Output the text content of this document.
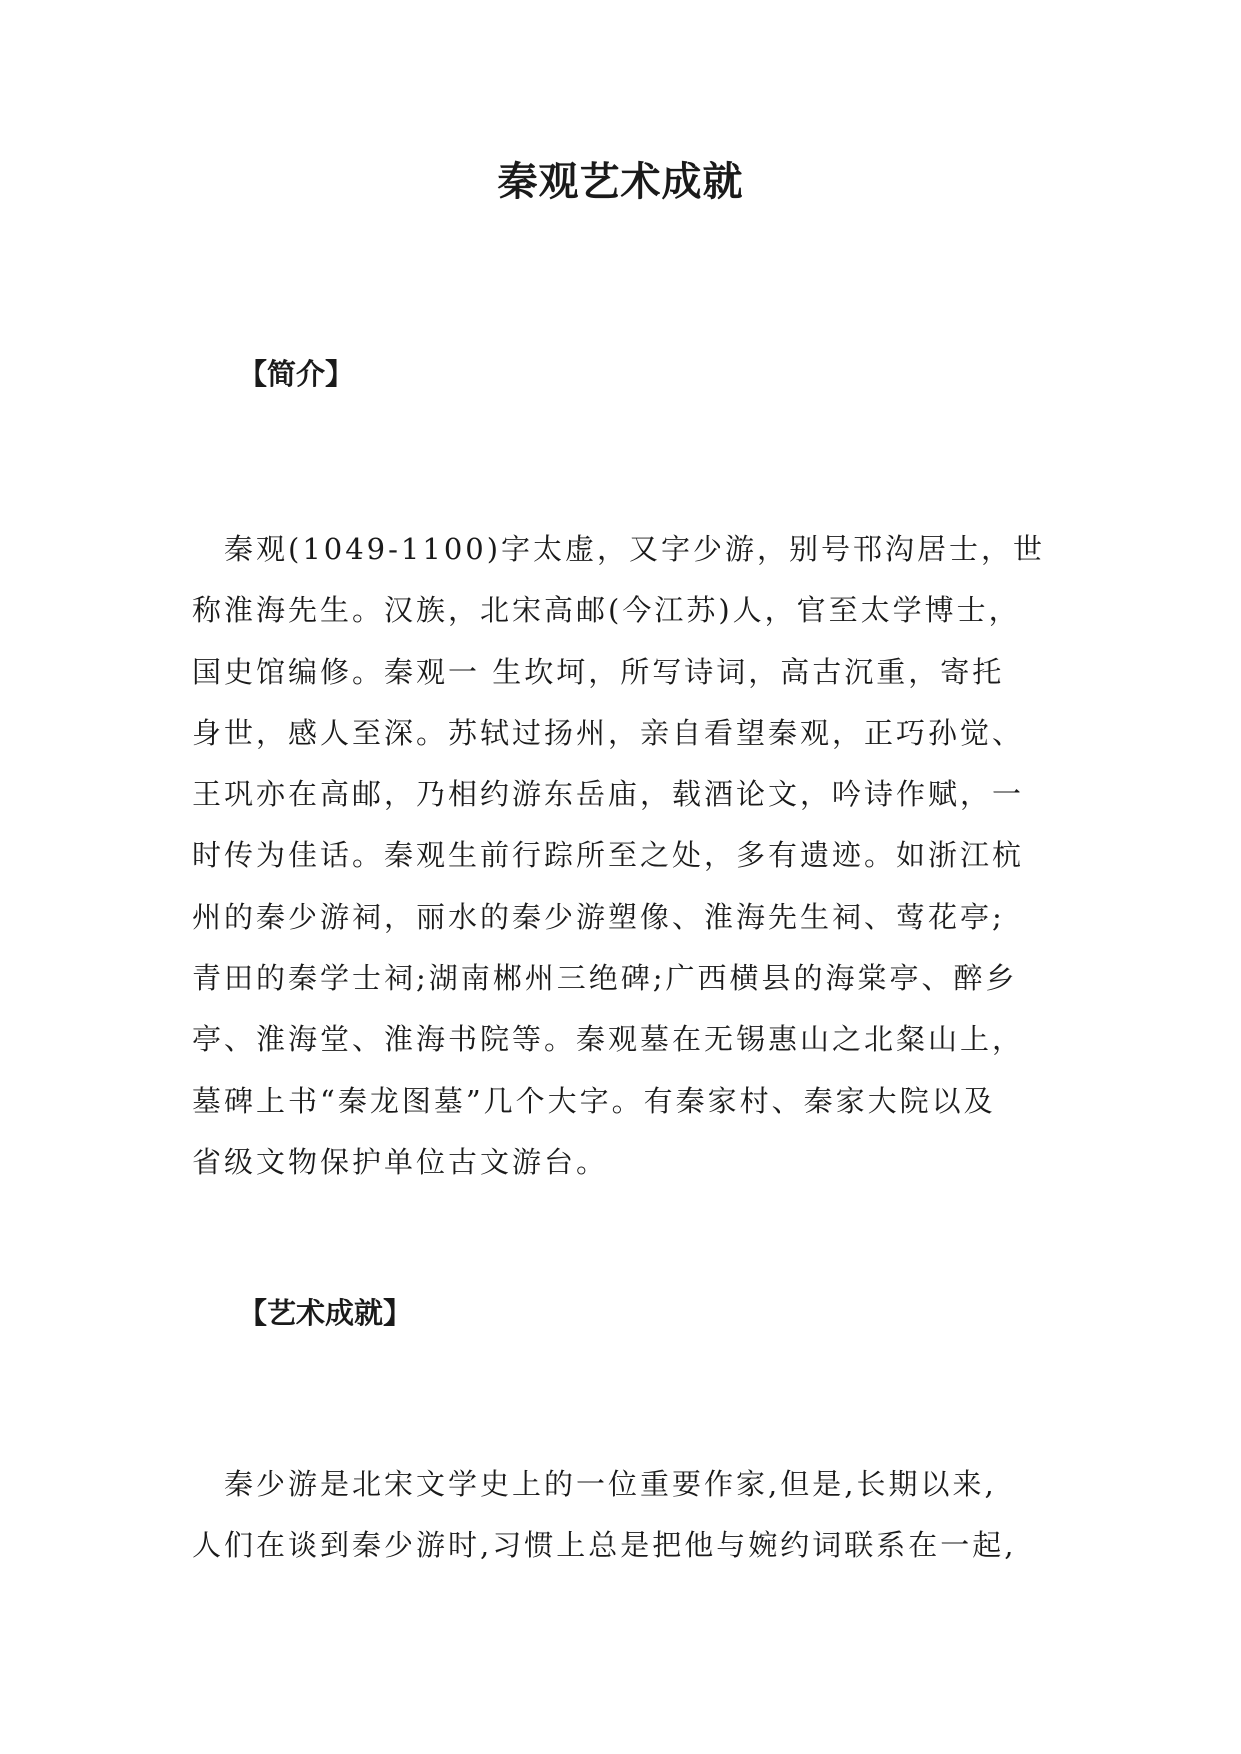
秦观艺术成就
【简介】
　秦观(1049-1100)字太虚，又字少游，别号邗沟居士，世
称淮海先生。汉族，北宋高邮(今江苏)人，官至太学博士，
国史馆编修。秦观一 生坎坷，所写诗词，高古沉重，寄托
身世，感人至深。苏轼过扬州，亲自看望秦观，正巧孙觉、
王巩亦在高邮，乃相约游东岳庙，载酒论文，吟诗作赋，一
时传为佳话。秦观生前行踪所至之处，多有遗迹。如浙江杭
州的秦少游祠，丽水的秦少游塑像、淮海先生祠、莺花亭;
青田的秦学士祠;湖南郴州三绝碑;广西横县的海棠亭、醉乡
亭、淮海堂、淮海书院等。秦观墓在无锡惠山之北粲山上，
墓碑上书“秦龙图墓”几个大字。有秦家村、秦家大院以及
省级文物保护单位古文游台。
【艺术成就】
　秦少游是北宋文学史上的一位重要作家,但是,长期以来,
人们在谈到秦少游时,习惯上总是把他与婉约词联系在一起,
